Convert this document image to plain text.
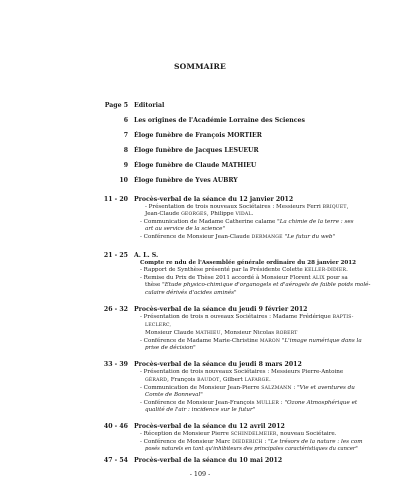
SOMMAIRE
Page 5 Editorial
6 Les origines de l'Académie Lorraine des Sciences
7 Éloge funèbre de François MORTIER
8 Éloge funèbre de Jacques LESUEUR
9 Éloge funèbre de Claude MATHIEU
10 Éloge funèbre de Yves AUBRY
11 - 20 Procès-verbal de la séance du 12 janvier 2012
- Présentation de trois nouveaux Sociétaires : Messieurs Ferri BRIQUET,
Jean-Claude GEORGES, Philippe VIDAL.
- Communication de Madame Catherine calame "La chimie de la terre : ses
art au service de la science"
- Conférence de Monsieur Jean-Claude DERMANGE "Le futur du web"
21 - 25 A. L. S.
Compte re ndu de l'Assemblée générale ordinaire du 28 janvier 2012
- Rapport de Synthèse présenté par la Présidente Colette KELLER-DIDIER.
- Remise du Prix de Thèse 2011 accordé à Monsieur Florent ALIX pour sa
thèse "Etude physico-chimique d'organogels et d'aérogels de faible poids molé-
culaire dérivés d'acides aminés"
26 - 32 Procès-verbal de la séance du jeudi 9 février 2012
- Présentation de trois n ouveaux Sociétaires : Madame Frédérique BAPTIS-
LECLERC,
Monsieur Claude MATHIEU, Monsieur Nicolas ROBERT
- Conférence de Madame Marie-Christine MARON "L'image numérique dans la
prise de décision"
33 - 39 Procès-verbal de la séance du jeudi 8 mars 2012
- Présentation de trois nouveaux Sociétaires : Messieurs Pierre-Antoine
GÉRARD, François BAUDOT, Gilbert LAFARGE.
- Communication de Monsieur Jean-Pierre SALZMANN : "Vie et aventures du
Comte de Bonneval"
- Conférence de Monsieur Jean-François MULLER : "Ozone Atmosphérique et
qualité de l'air : incidence sur le futur"
40 - 46 Procès-verbal de la séance du 12 avril 2012
- Réception de Monsieur Pierre SCHINDELMEIER, nouveau Sociétaire.
- Conférence de Monsieur Marc DIEDERICH : "Le trésors de la nature : les com
posés naturels en tant qu'inhibiteurs des principales caractéristiques du cancer"
47 - 54 Procès-verbal de la séance du 10 mai 2012
- 109 -
